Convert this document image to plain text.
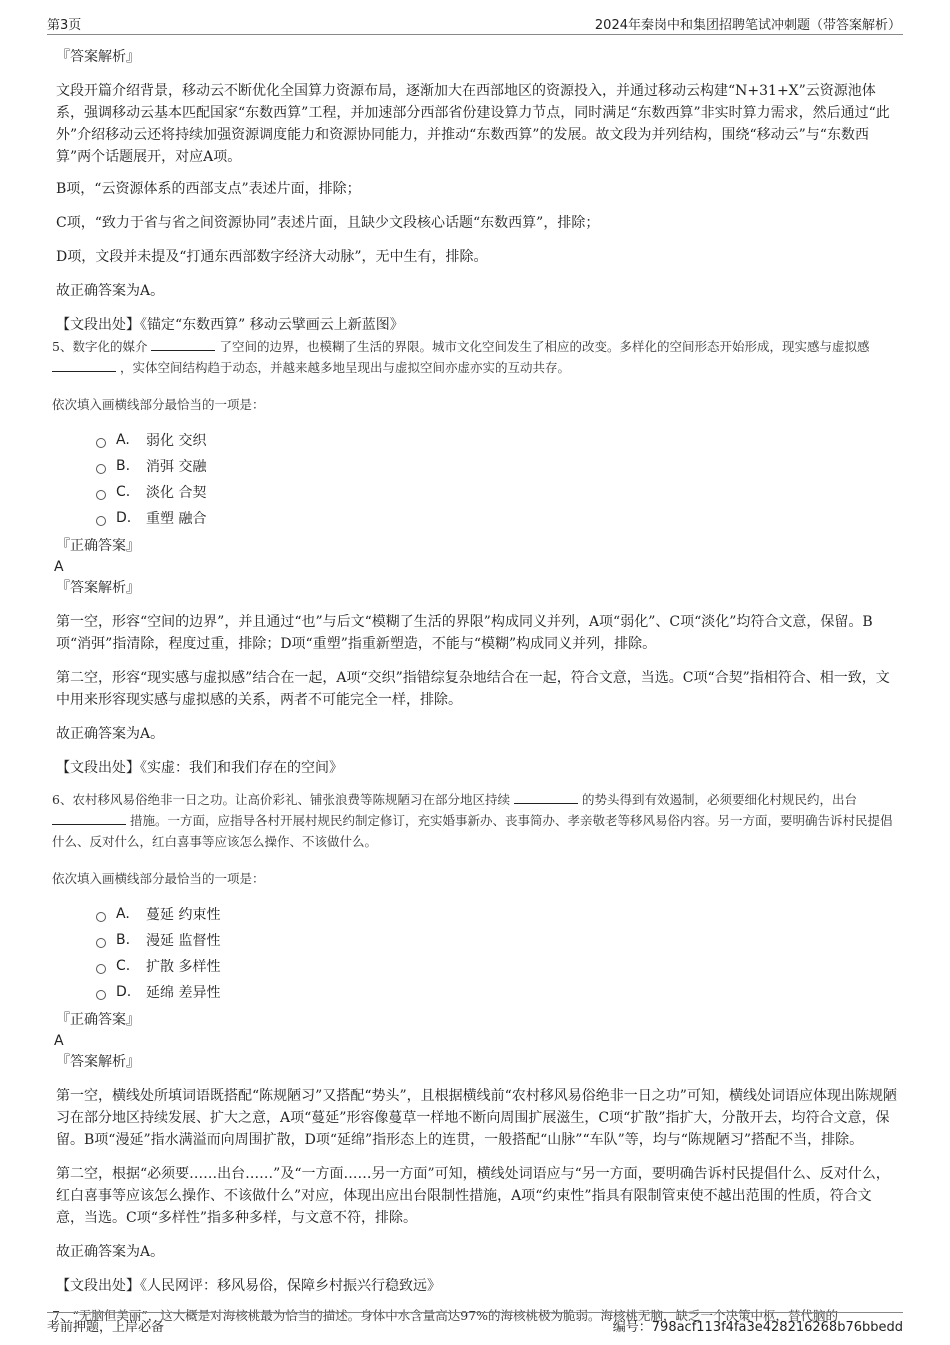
第3页	2024年秦岗中和集团招聘笔试冲刺题（带答案解析）

『答案解析』

文段开篇介绍背景，移动云不断优化全国算力资源布局，逐渐加大在西部地区的资源投入，并通过移动云构建“N+31+X”云资源池体系，强调移动云基本匹配国家“东数西算”工程，并加速部分西部省份建设算力节点，同时满足“东数西算”非实时算力需求，然后通过“此外”介绍移动云还将持续加强资源调度能力和资源协同能力，并推动“东数西算”的发展。故文段为并列结构，围绕“移动云”与“东数西算”两个话题展开，对应A项。

B项，“云资源体系的西部支点”表述片面，排除；

C项，“致力于省与省之间资源协同”表述片面，且缺少文段核心话题“东数西算”，排除；

D项，文段并未提及“打通东西部数字经济大动脉”，无中生有，排除。

故正确答案为A。

【文段出处】《锚定“东数西算” 移动云擘画云上新蓝图》

5、数字化的媒介	了空间的边界，也模糊了生活的界限。城市文化空间发生了相应的改变。多样化的空间形态开始形成，现实感与虚拟感  ，实体空间结构趋于动态，并越来越多地呈现出与虚拟空间亦虚亦实的互动共存。

依次填入画横线部分最恰当的一项是：

A.	弱化 交织
B.	消弭 交融
C.	淡化 合契
D.	重塑 融合

『正确答案』

A

『答案解析』

第一空，形容“空间的边界”，并且通过“也”与后文“模糊了生活的界限”构成同义并列，A项“弱化”、C项“淡化”均符合文意，保留。B项“消弭”指清除，程度过重，排除；D项“重塑”指重新塑造，不能与“模糊”构成同义并列，排除。

第二空，形容“现实感与虚拟感”结合在一起，A项“交织”指错综复杂地结合在一起，符合文意，当选。C项“合契”指相符合、相一致，文中用来形容现实感与虚拟感的关系，两者不可能完全一样，排除。

故正确答案为A。

【文段出处】《实虚：我们和我们存在的空间》

6、农村移风易俗绝非一日之功。让高价彩礼、铺张浪费等陈规陋习在部分地区持续	的势头得到有效遏制，必须要细化村规民约，出台  措施。一方面，应指导各村开展村规民约制定修订，充实婚事新办、丧事简办、孝亲敬老等移风易俗内容。另一方面，要明确告诉村民提倡什么、反对什么，红白喜事等应该怎么操作、不该做什么。

依次填入画横线部分最恰当的一项是：

A.	蔓延 约束性
B.	漫延 监督性
C.	扩散 多样性
D.	延绵 差异性

『正确答案』

A

『答案解析』

第一空，横线处所填词语既搭配“陈规陋习”又搭配“势头”，且根据横线前“农村移风易俗绝非一日之功”可知，横线处词语应体现出陈规陋习在部分地区持续发展、扩大之意，A项“蔓延”形容像蔓草一样地不断向周围扩展滋生，C项“扩散”指扩大，分散开去，均符合文意，保留。B项“漫延”指水满溢而向周围扩散，D项“延绵”指形态上的连贯，一般搭配“山脉”“车队”等，均与“陈规陋习”搭配不当，排除。

第二空，根据“必须要……出台……”及“一方面……另一方面”可知，横线处词语应与“另一方面，要明确告诉村民提倡什么、反对什么，红白喜事等应该怎么操作、不该做什么”对应，体现出应出台限制性措施，A项“约束性”指具有限制管束使不越出范围的性质，符合文意，当选。C项“多样性”指多种多样，与文意不符，排除。

故正确答案为A。

【文段出处】《人民网评：移风易俗，保障乡村振兴行稳致远》

7、“无脑但美丽”，这大概是对海核桃最为恰当的描述。身体中水含量高达97%的海核桃极为脆弱。海核桃无脑，缺乏一个决策中枢，替代脑的

考前押题，上岸必备	编号：798acf113f4fa3e428216268b76bbedd
